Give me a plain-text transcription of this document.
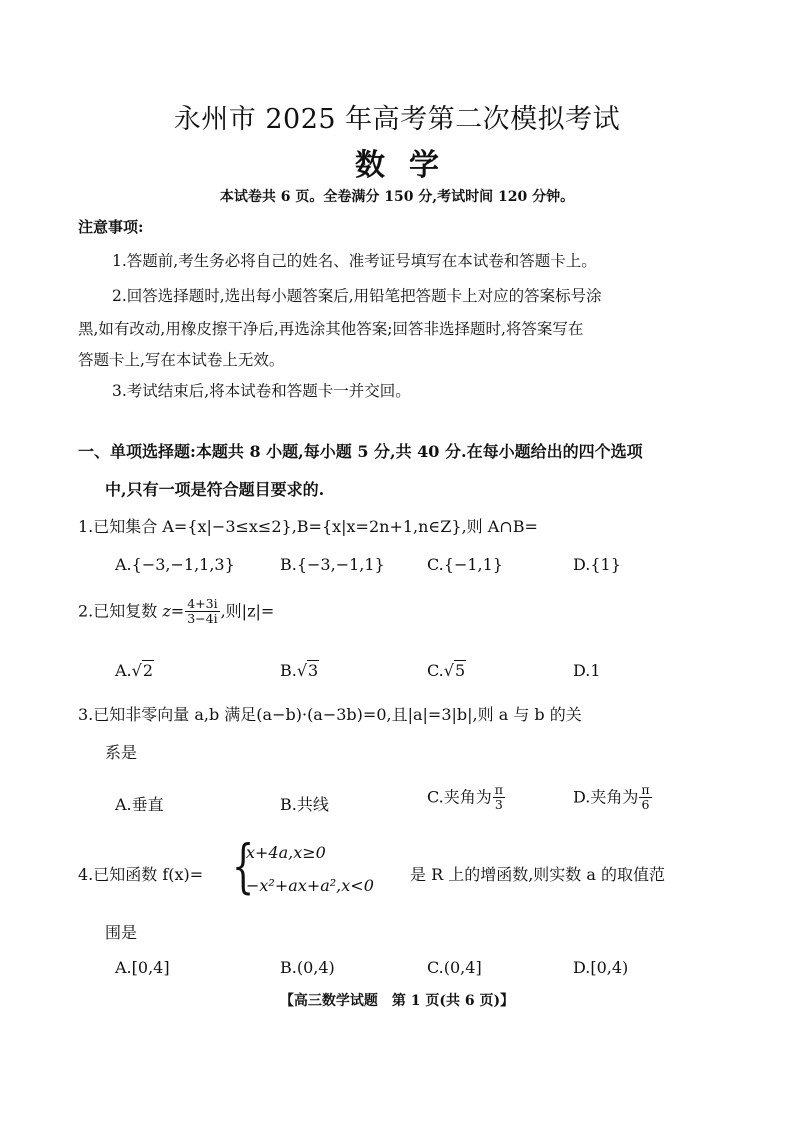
永州市 2025 年高考第二次模拟考试
数学
本试卷共 6 页。全卷满分 150 分,考试时间 120 分钟。
注意事项:
1.答题前,考生务必将自己的姓名、准考证号填写在本试卷和答题卡上。
2.回答选择题时,选出每小题答案后,用铅笔把答题卡上对应的答案标号涂
黑,如有改动,用橡皮擦干净后,再选涂其他答案;回答非选择题时,将答案写在
答题卡上,写在本试卷上无效。
3.考试结束后,将本试卷和答题卡一并交回。
一、单项选择题:本题共 8 小题,每小题 5 分,共 40 分.在每小题给出的四个选项
中,只有一项是符合题目要求的.
1.已知集合 A={x|−3≤x≤2},B={x|x=2n+1,n∈Z},则 A∩B=
A.{−3,−1,1,3}	B.{−3,−1,1}	C.{−1,1}	D.{1}
2.已知复数 $z= \frac{4+3i}{3-4i}$ ,则|z|=
A.√2	B.√3	C.√5	D.1
3.已知非零向量 a,b 满足(a−b)·(a−3b)=0,且|a|=3|b|,则 a 与 b 的关
系是
A.垂直	B.共线	C.夹角为 $\frac{\pi}{3}$	D.夹角为 $\frac{\pi}{6}$
4.已知函数 f(x)= {
x+4a,x≥0
−x²+ax+a²,x<0
是 R 上的增函数,则实数 a 的取值范
围是
A.[0,4]	B.(0,4)	C.(0,4]	D.[0,4)
【高三数学试题　第 1 页(共 6 页)】
